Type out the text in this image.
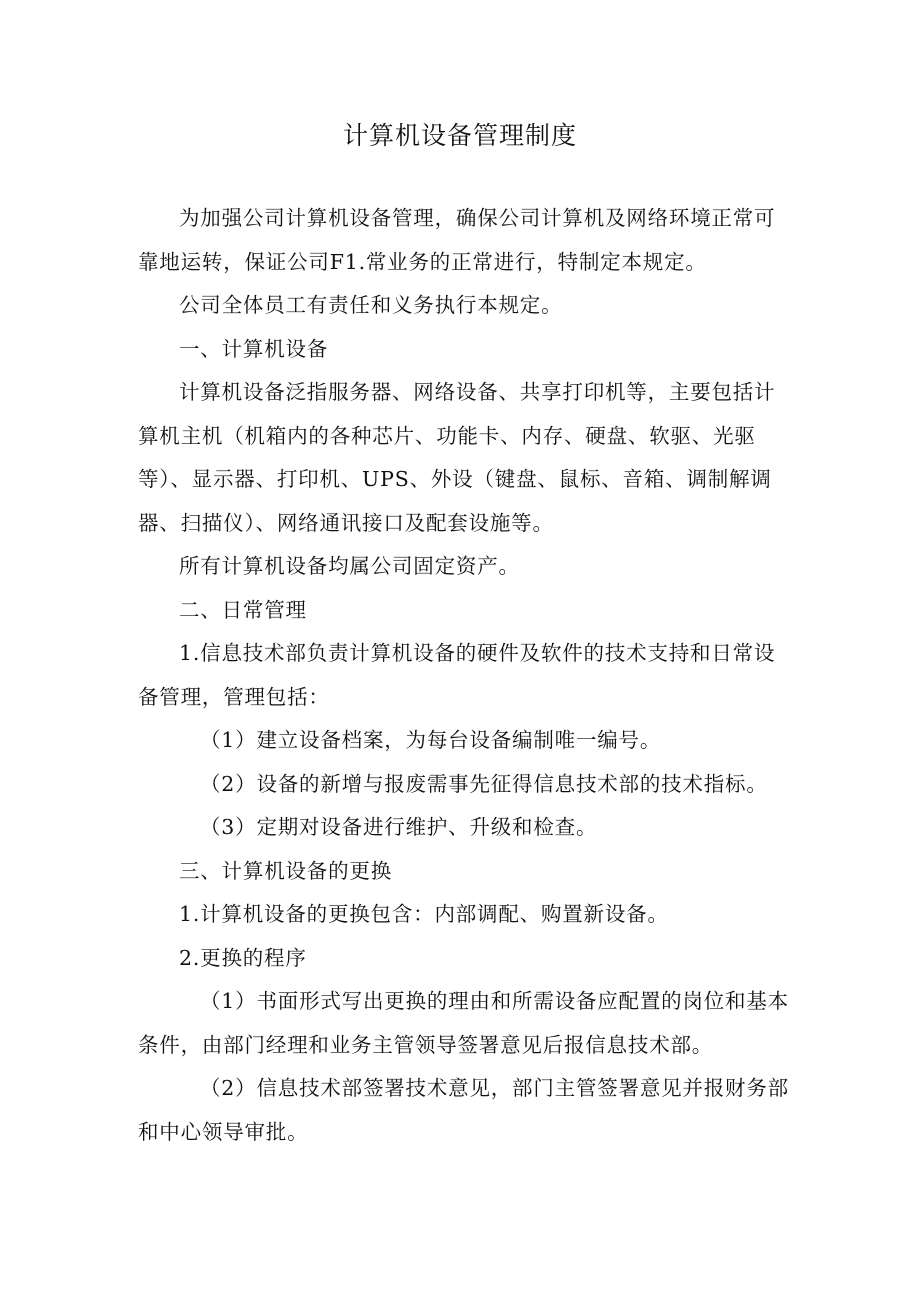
计算机设备管理制度

为加强公司计算机设备管理，确保公司计算机及网络环境正常可靠地运转，保证公司F1.常业务的正常进行，特制定本规定。

公司全体员工有责任和义务执行本规定。

一、计算机设备

计算机设备泛指服务器、网络设备、共享打印机等，主要包括计算机主机（机箱内的各种芯片、功能卡、内存、硬盘、软驱、光驱等）、显示器、打印机、UPS、外设（键盘、鼠标、音箱、调制解调器、扫描仪）、网络通讯接口及配套设施等。

所有计算机设备均属公司固定资产。

二、日常管理

1.信息技术部负责计算机设备的硬件及软件的技术支持和日常设备管理，管理包括：

（1）建立设备档案，为每台设备编制唯一编号。

（2）设备的新增与报废需事先征得信息技术部的技术指标。

（3）定期对设备进行维护、升级和检查。

三、计算机设备的更换

1.计算机设备的更换包含：内部调配、购置新设备。

2.更换的程序

（1）书面形式写出更换的理由和所需设备应配置的岗位和基本条件，由部门经理和业务主管领导签署意见后报信息技术部。

（2）信息技术部签署技术意见，部门主管签署意见并报财务部和中心领导审批。
